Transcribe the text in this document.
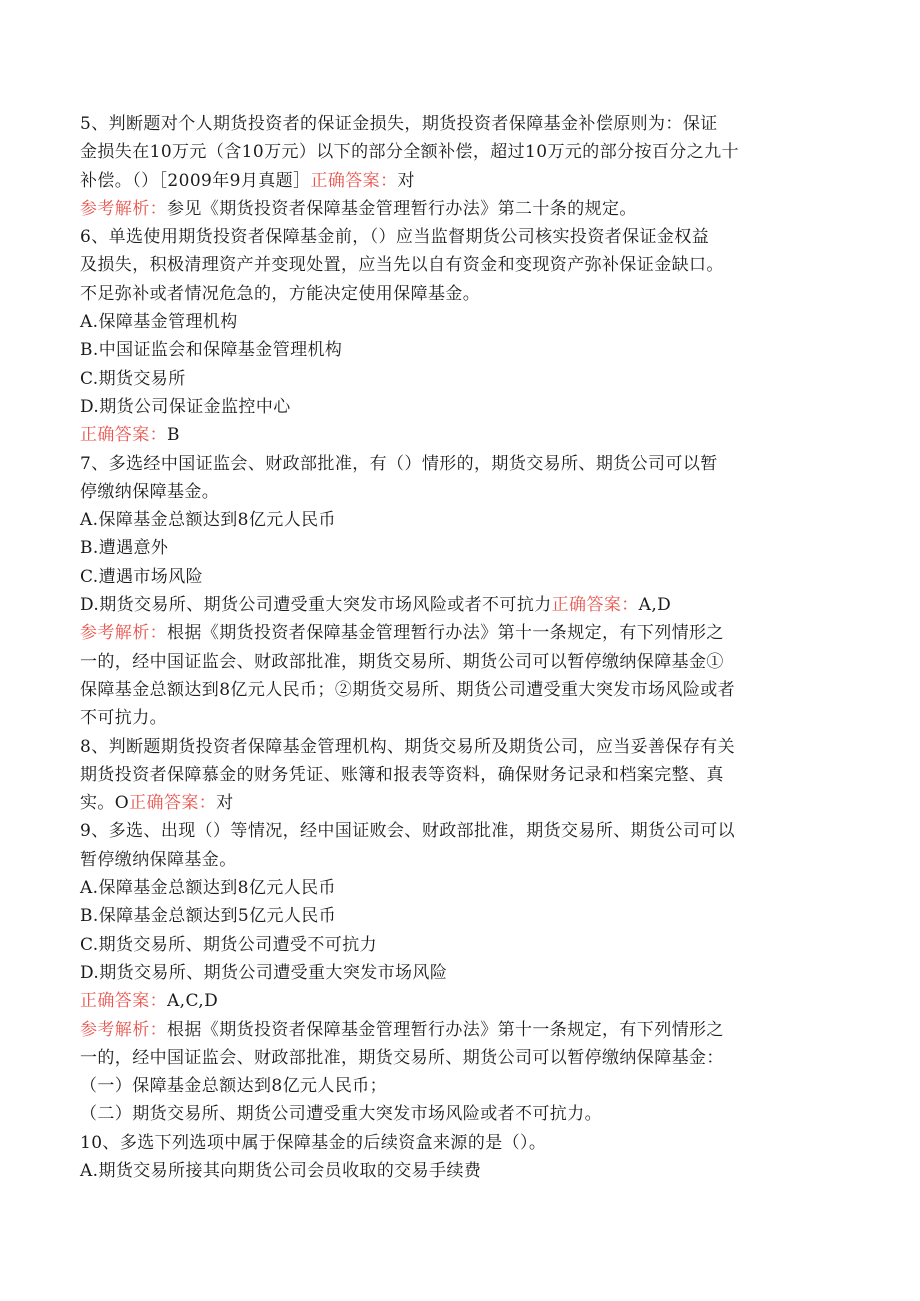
5、判断题对个人期货投资者的保证金损失，期货投资者保障基金补偿原则为：保证
金损失在10万元（含10万元）以下的部分全额补偿，超过10万元的部分按百分之九十
补偿。（）［2009年9月真题］正确答案：对
参考解析：参见《期货投资者保障基金管理暂行办法》第二十条的规定。
6、单选使用期货投资者保障基金前，（）应当监督期货公司核实投资者保证金权益
及损失，积极清理资产并变现处置，应当先以自有资金和变现资产弥补保证金缺口。
不足弥补或者情况危急的，方能决定使用保障基金。
A.保障基金管理机构
B.中国证监会和保障基金管理机构
C.期货交易所
D.期货公司保证金监控中心
正确答案：B
7、多选经中国证监会、财政部批准，有（）情形的，期货交易所、期货公司可以暂
停缴纳保障基金。
A.保障基金总额达到8亿元人民币
B.遭遇意外
C.遭遇市场风险
D.期货交易所、期货公司遭受重大突发市场风险或者不可抗力正确答案：A,D
参考解析：根据《期货投资者保障基金管理暂行办法》第十一条规定，有下列情形之
一的，经中国证监会、财政部批准，期货交易所、期货公司可以暂停缴纳保障基金①
保障基金总额达到8亿元人民币；②期货交易所、期货公司遭受重大突发市场风险或者
不可抗力。
8、判断题期货投资者保障基金管理机构、期货交易所及期货公司，应当妥善保存有关
期货投资者保障慕金的财务凭证、账簿和报表等资料，确保财务记录和档案完整、真
实。O正确答案：对
9、多选、出现（）等情况，经中国证败会、财政部批准，期货交易所、期货公司可以
暂停缴纳保障基金。
A.保障基金总额达到8亿元人民币
B.保障基金总额达到5亿元人民币
C.期货交易所、期货公司遭受不可抗力
D.期货交易所、期货公司遭受重大突发市场风险
正确答案：A,C,D
参考解析：根据《期货投资者保障基金管理暂行办法》第十一条规定，有下列情形之
一的，经中国证监会、财政部批准，期货交易所、期货公司可以暂停缴纳保障基金：
（一）保障基金总额达到8亿元人民币；
（二）期货交易所、期货公司遭受重大突发市场风险或者不可抗力。
10、多选下列选项中属于保障基金的后续资盒来源的是（）。
A.期货交易所接其向期货公司会员收取的交易手续费
